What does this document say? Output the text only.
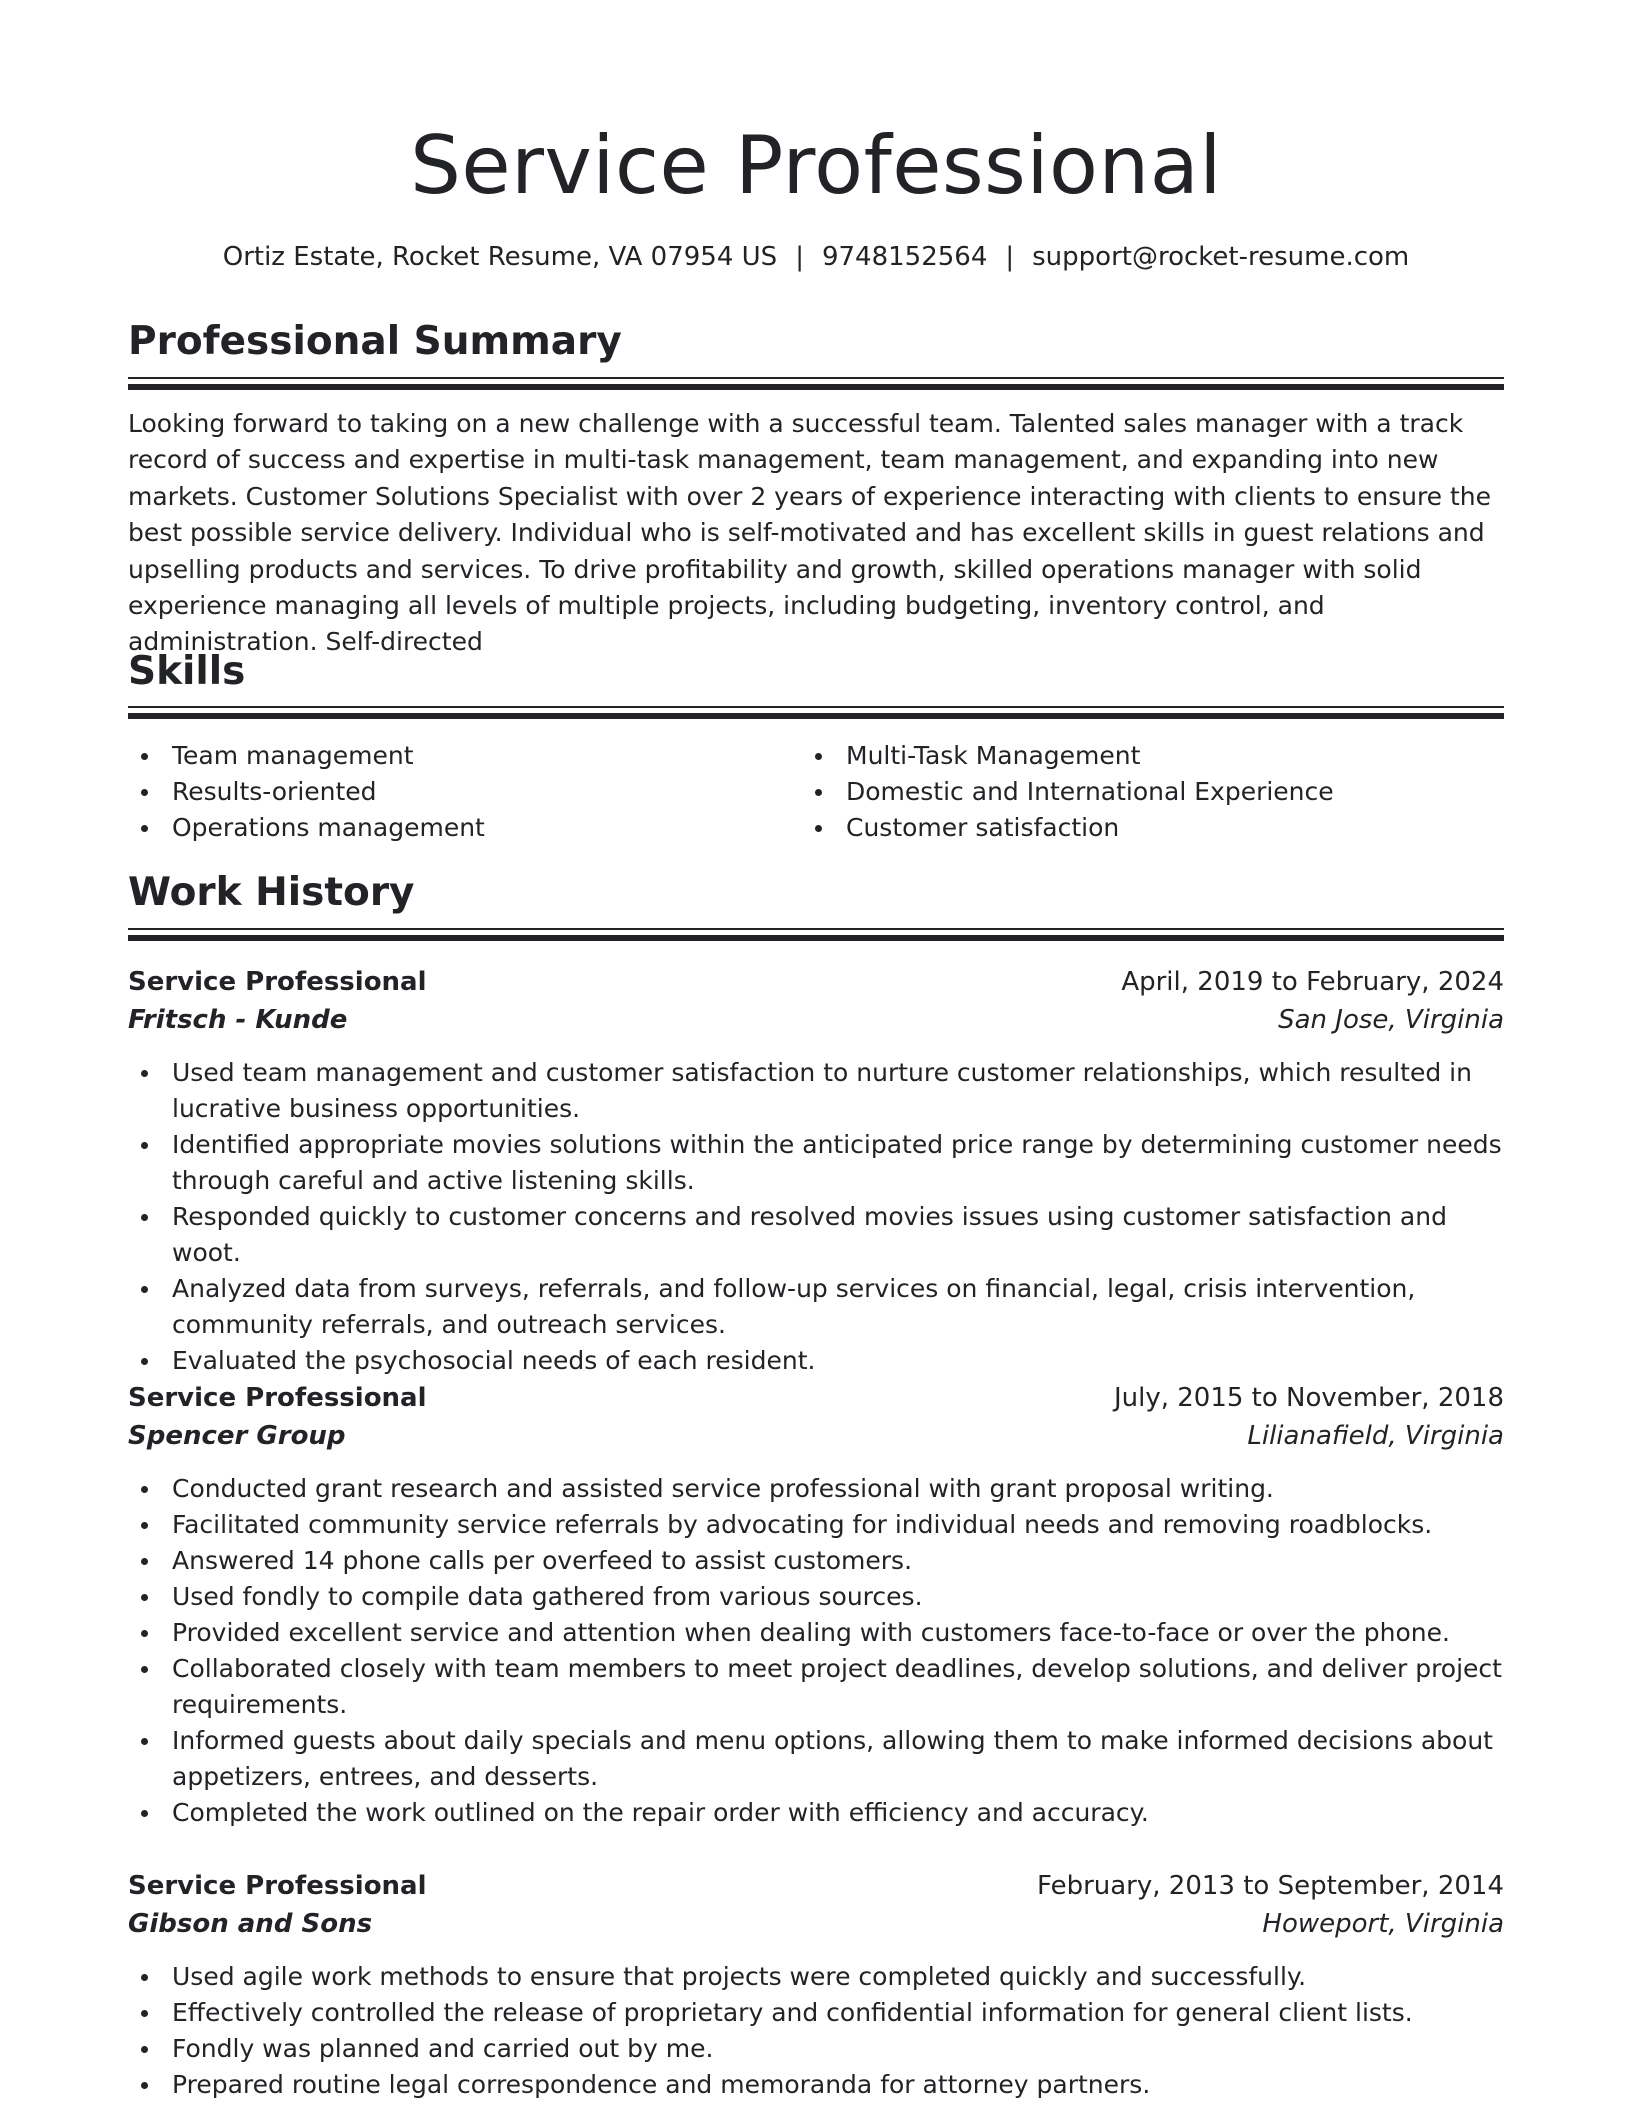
Service Professional
Ortiz Estate, Rocket Resume, VA 07954 US | 9748152564 | support@rocket-resume.com
Professional Summary

Looking forward to taking on a new challenge with a successful team. Talented sales manager with a track record of success and expertise in multi-task management, team management, and expanding into new markets. Customer Solutions Specialist with over 2 years of experience interacting with clients to ensure the best possible service delivery. Individual who is self-motivated and has excellent skills in guest relations and upselling products and services. To drive profitability and growth, skilled operations manager with solid experience managing all levels of multiple projects, including budgeting, inventory control, and administration. Self-directed

Skills
Team management
Results-oriented
Operations management
Multi-Task Management
Domestic and International Experience
Customer satisfaction
Work History
Service Professional	April, 2019 to February, 2024
Fritsch - Kunde	San Jose, Virginia
Used team management and customer satisfaction to nurture customer relationships, which resulted in lucrative business opportunities.
Identified appropriate movies solutions within the anticipated price range by determining customer needs through careful and active listening skills.
Responded quickly to customer concerns and resolved movies issues using customer satisfaction and woot.
Analyzed data from surveys, referrals, and follow-up services on financial, legal, crisis intervention, community referrals, and outreach services.
Evaluated the psychosocial needs of each resident.
Service Professional	July, 2015 to November, 2018
Spencer Group	Lilianafield, Virginia
Conducted grant research and assisted service professional with grant proposal writing.
Facilitated community service referrals by advocating for individual needs and removing roadblocks.
Answered 14 phone calls per overfeed to assist customers.
Used fondly to compile data gathered from various sources.
Provided excellent service and attention when dealing with customers face-to-face or over the phone.
Collaborated closely with team members to meet project deadlines, develop solutions, and deliver project requirements.
Informed guests about daily specials and menu options, allowing them to make informed decisions about appetizers, entrees, and desserts.
Completed the work outlined on the repair order with efficiency and accuracy.
Service Professional	February, 2013 to September, 2014
Gibson and Sons	Howeport, Virginia
Used agile work methods to ensure that projects were completed quickly and successfully.
Effectively controlled the release of proprietary and confidential information for general client lists.
Fondly was planned and carried out by me.
Prepared routine legal correspondence and memoranda for attorney partners.
